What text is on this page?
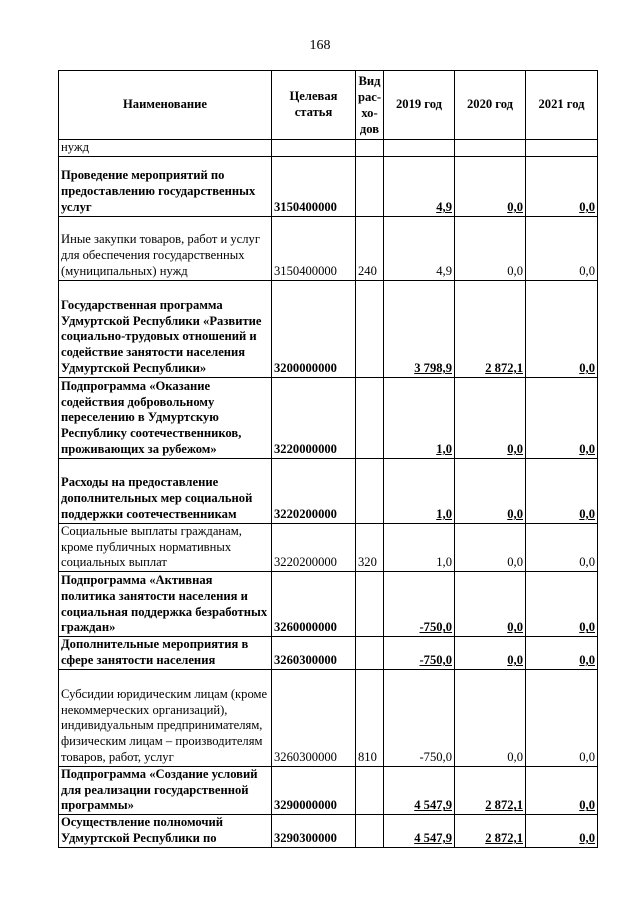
168
Наименование	Целевая статья	Вид рас-хо-дов	2019 год	2020 год	2021 год
нужд					
Проведение мероприятий по предоставлению государственных услуг	3150400000		4,9	0,0	0,0
Иные закупки товаров, работ и услуг для обеспечения государственных (муниципальных) нужд	3150400000	240	4,9	0,0	0,0
Государственная программа Удмуртской Республики «Развитие социально-трудовых отношений и содействие занятости населения Удмуртской Республики»	3200000000		3 798,9	2 872,1	0,0
Подпрограмма «Оказание содействия добровольному переселению в Удмуртскую Республику соотечественников, проживающих за рубежом»	3220000000		1,0	0,0	0,0
Расходы на предоставление дополнительных мер социальной поддержки соотечественникам	3220200000		1,0	0,0	0,0
Социальные выплаты гражданам, кроме публичных нормативных социальных выплат	3220200000	320	1,0	0,0	0,0
Подпрограмма «Активная политика занятости населения и социальная поддержка безработных граждан»	3260000000		-750,0	0,0	0,0
Дополнительные мероприятия в сфере занятости населения	3260300000		-750,0	0,0	0,0
Субсидии юридическим лицам (кроме некоммерческих организаций), индивидуальным предпринимателям, физическим лицам – производителям товаров, работ, услуг	3260300000	810	-750,0	0,0	0,0
Подпрограмма «Создание условий для реализации государственной программы»	3290000000		4 547,9	2 872,1	0,0
Осуществление полномочий Удмуртской Республики по	3290300000		4 547,9	2 872,1	0,0
